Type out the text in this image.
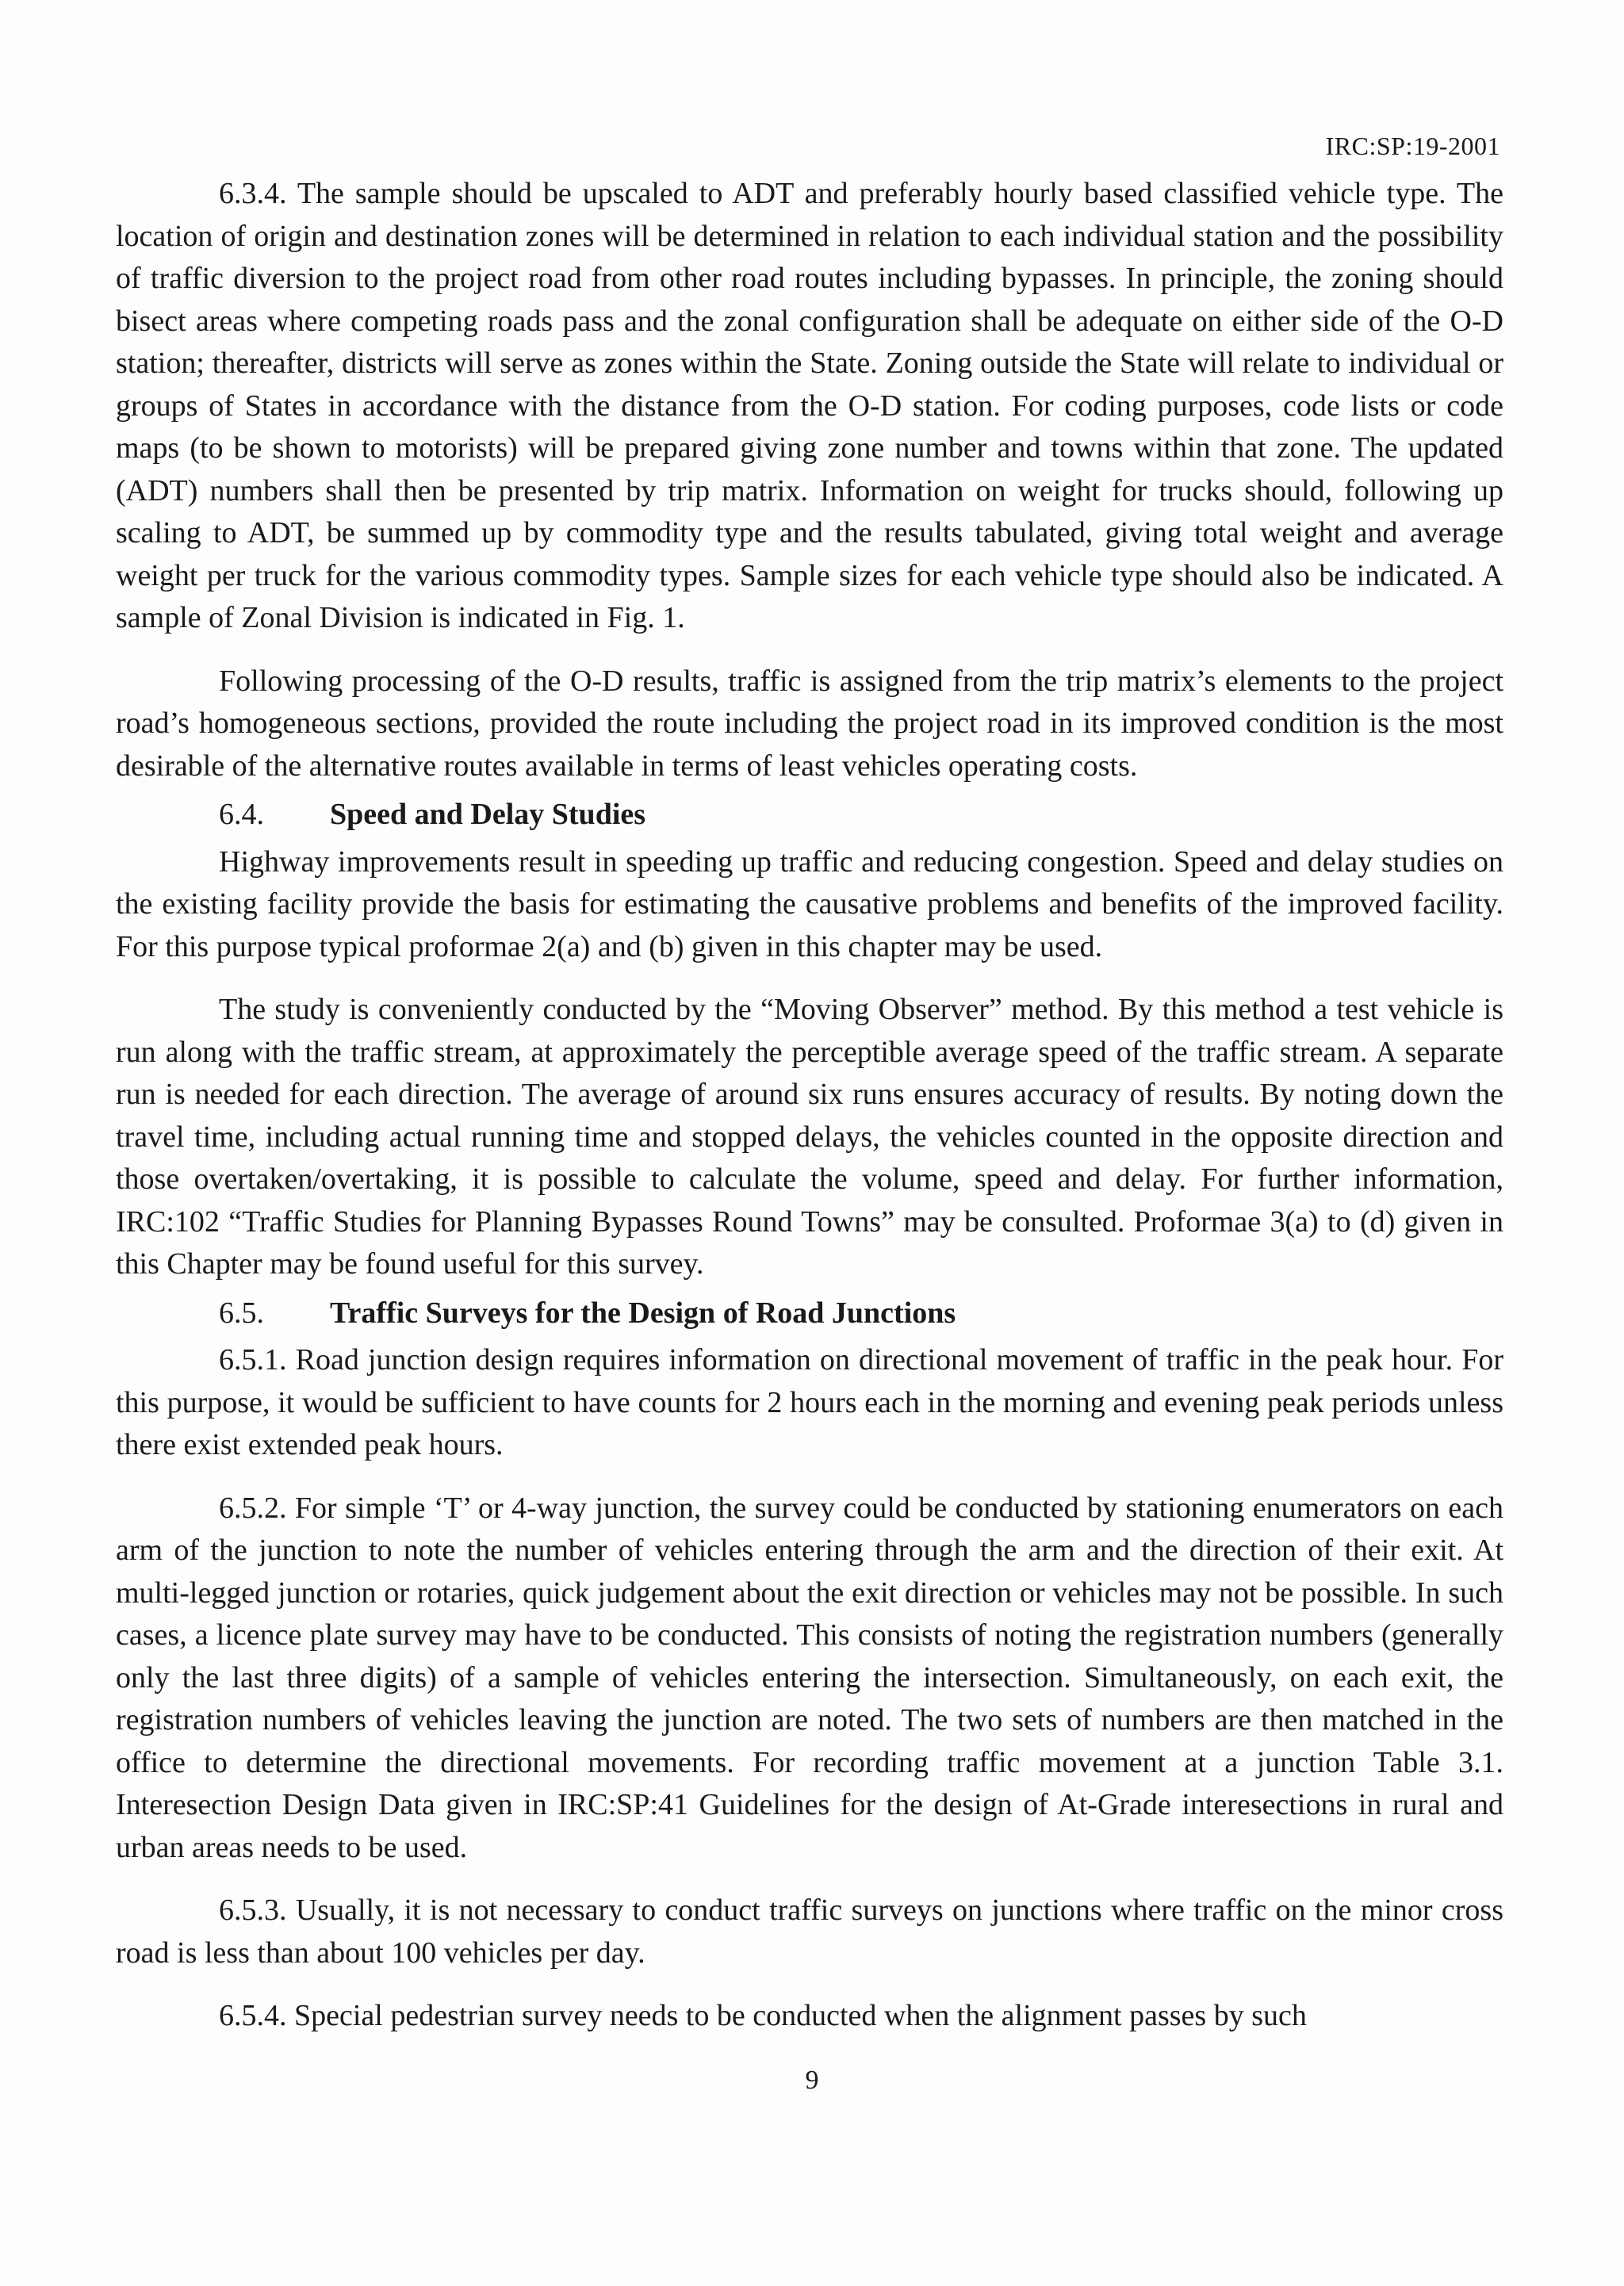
IRC:SP:19-2001

6.3.4. The sample should be upscaled to ADT and preferably hourly based classified vehicle type. The location of origin and destination zones will be determined in relation to each individual station and the possibility of traffic diversion to the project road from other road routes including bypasses. In principle, the zoning should bisect areas where competing roads pass and the zonal configuration shall be adequate on either side of the O-D station; thereafter, districts will serve as zones within the State. Zoning outside the State will relate to individual or groups of States in accordance with the distance from the O-D station. For coding purposes, code lists or code maps (to be shown to motorists) will be prepared giving zone number and towns within that zone. The updated (ADT) numbers shall then be presented by trip matrix. Information on weight for trucks should, following up scaling to ADT, be summed up by commodity type and the results tabulated, giving total weight and average weight per truck for the various commodity types. Sample sizes for each vehicle type should also be indicated. A sample of Zonal Division is indicated in Fig. 1.

Following processing of the O-D results, traffic is assigned from the trip matrix’s elements to the project road’s homogeneous sections, provided the route including the project road in its improved condition is the most desirable of the alternative routes available in terms of least vehicles operating costs.

6.4.	Speed and Delay Studies

Highway improvements result in speeding up traffic and reducing congestion. Speed and delay studies on the existing facility provide the basis for estimating the causative problems and benefits of the improved facility. For this purpose typical proformae 2(a) and (b) given in this chapter may be used.

The study is conveniently conducted by the “Moving Observer” method. By this method a test vehicle is run along with the traffic stream, at approximately the perceptible average speed of the traffic stream. A separate run is needed for each direction. The average of around six runs ensures accuracy of results. By noting down the travel time, including actual running time and stopped delays, the vehicles counted in the opposite direction and those overtaken/overtaking, it is possible to calculate the volume, speed and delay. For further information, IRC:102 “Traffic Studies for Planning Bypasses Round Towns” may be consulted. Proformae 3(a) to (d) given in this Chapter may be found useful for this survey.

6.5.	Traffic Surveys for the Design of Road Junctions

6.5.1. Road junction design requires information on directional movement of traffic in the peak hour. For this purpose, it would be sufficient to have counts for 2 hours each in the morning and evening peak periods unless there exist extended peak hours.

6.5.2. For simple ‘T’ or 4-way junction, the survey could be conducted by stationing enumerators on each arm of the junction to note the number of vehicles entering through the arm and the direction of their exit. At multi-legged junction or rotaries, quick judgement about the exit direction or vehicles may not be possible. In such cases, a licence plate survey may have to be conducted. This consists of noting the registration numbers (generally only the last three digits) of a sample of vehicles entering the intersection. Simultaneously, on each exit, the registration numbers of vehicles leaving the junction are noted. The two sets of numbers are then matched in the office to determine the directional movements. For recording traffic movement at a junction Table 3.1. Interesection Design Data given in IRC:SP:41 Guidelines for the design of At-Grade interesections in rural and urban areas needs to be used.

6.5.3. Usually, it is not necessary to conduct traffic surveys on junctions where traffic on the minor cross road is less than about 100 vehicles per day.

6.5.4. Special pedestrian survey needs to be conducted when the alignment passes by such

9
